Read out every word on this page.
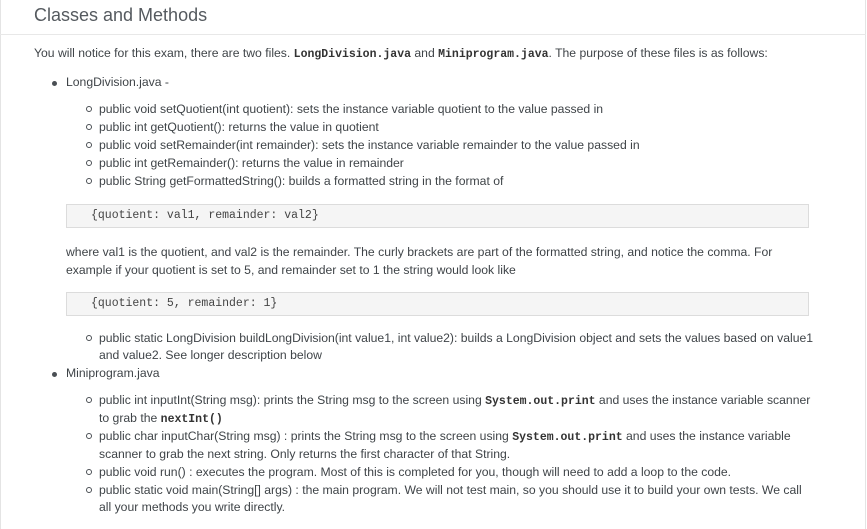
Classes and Methods
You will notice for this exam, there are two files. LongDivision.java and Miniprogram.java. The purpose of these files is as follows:
LongDivision.java -
public void setQuotient(int quotient): sets the instance variable quotient to the value passed in
public int getQuotient(): returns the value in quotient
public void setRemainder(int remainder): sets the instance variable remainder to the value passed in
public int getRemainder(): returns the value in remainder
public String getFormattedString(): builds a formatted string in the format of
{quotient: val1, remainder: val2}
where val1 is the quotient, and val2 is the remainder. The curly brackets are part of the formatted string, and notice the comma. For example if your quotient is set to 5, and remainder set to 1 the string would look like
{quotient: 5, remainder: 1}
public static LongDivision buildLongDivision(int value1, int value2): builds a LongDivision object and sets the values based on value1 and value2. See longer description below
Miniprogram.java
public int inputInt(String msg): prints the String msg to the screen using System.out.print and uses the instance variable scanner to grab the nextInt()
public char inputChar(String msg) : prints the String msg to the screen using System.out.print and uses the instance variable scanner to grab the next string. Only returns the first character of that String.
public void run() : executes the program. Most of this is completed for you, though will need to add a loop to the code.
public static void main(String[] args) : the main program. We will not test main, so you should use it to build your own tests. We call all your methods you write directly.
